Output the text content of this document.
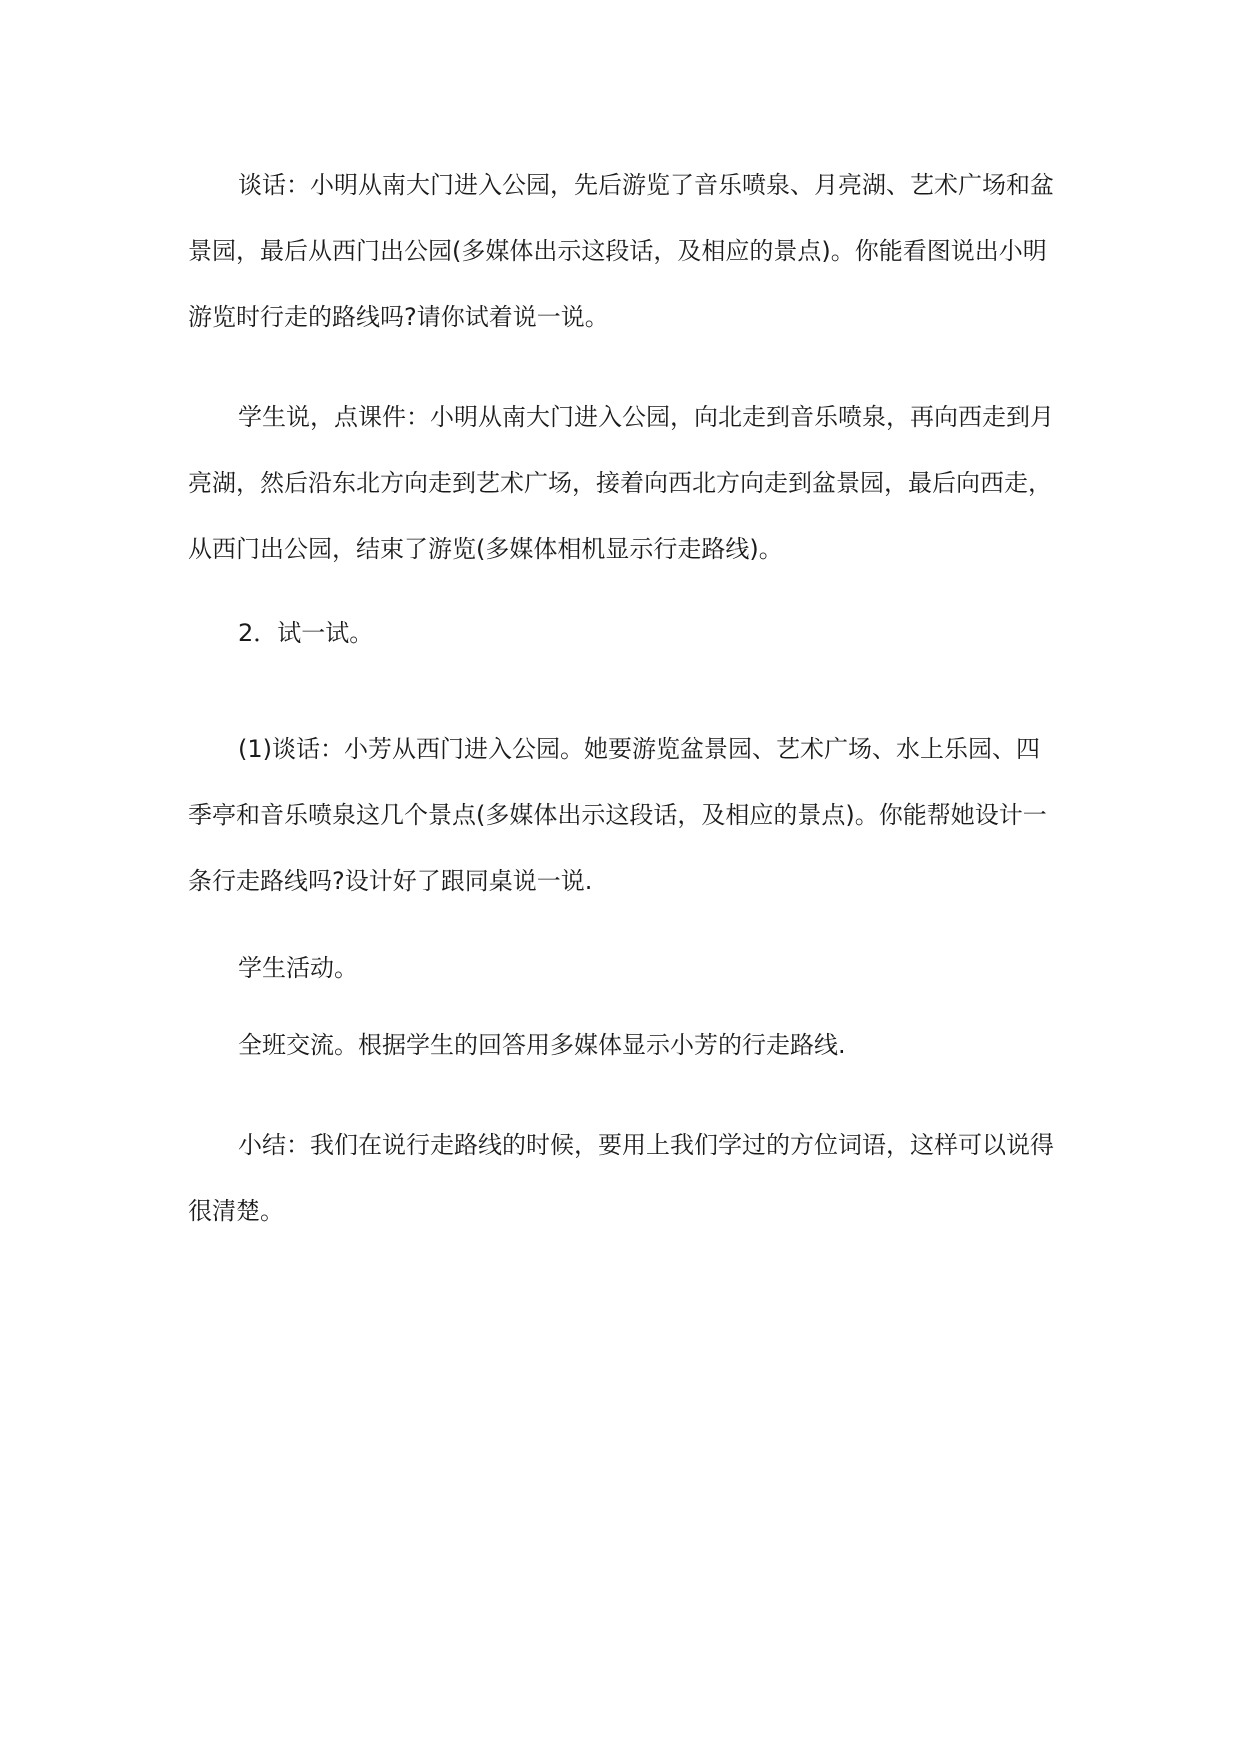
谈话：小明从南大门进入公园，先后游览了音乐喷泉、月亮湖、艺术广场和盆景园，最后从西门出公园(多媒体出示这段话，及相应的景点)。你能看图说出小明游览时行走的路线吗?请你试着说一说。

学生说，点课件：小明从南大门进入公园，向北走到音乐喷泉，再向西走到月亮湖，然后沿东北方向走到艺术广场，接着向西北方向走到盆景园，最后向西走，从西门出公园，结束了游览(多媒体相机显示行走路线)。

2．试一试。

(1)谈话：小芳从西门进入公园。她要游览盆景园、艺术广场、水上乐园、四季亭和音乐喷泉这几个景点(多媒体出示这段话，及相应的景点)。你能帮她设计一条行走路线吗?设计好了跟同桌说一说.

学生活动。

全班交流。根据学生的回答用多媒体显示小芳的行走路线.

小结：我们在说行走路线的时候，要用上我们学过的方位词语，这样可以说得很清楚。
